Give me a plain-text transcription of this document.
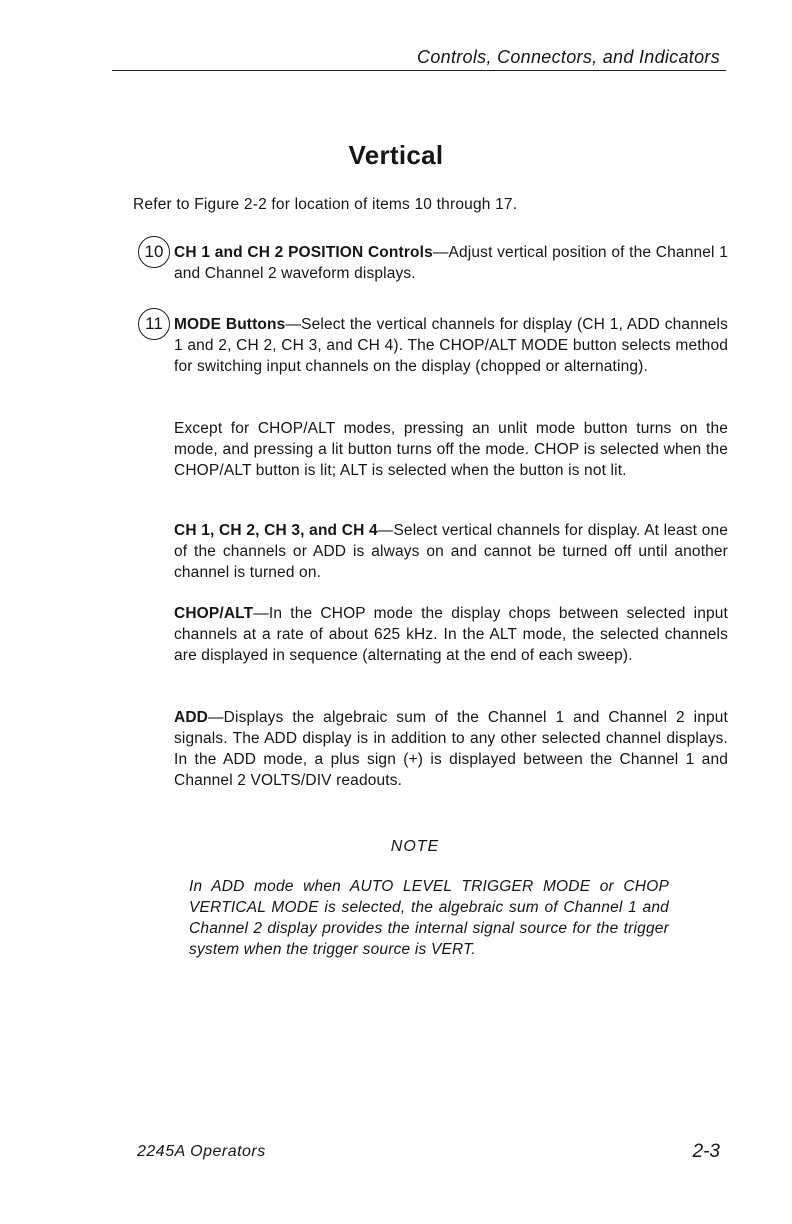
Controls, Connectors, and Indicators
Vertical
Refer to Figure 2-2 for location of items 10 through 17.
10 CH 1 and CH 2 POSITION Controls—Adjust vertical position of the Channel 1 and Channel 2 waveform displays.
11 MODE Buttons—Select the vertical channels for display (CH 1, ADD channels 1 and 2, CH 2, CH 3, and CH 4). The CHOP/ALT MODE button selects method for switching input channels on the display (chopped or alternating).
Except for CHOP/ALT modes, pressing an unlit mode button turns on the mode, and pressing a lit button turns off the mode. CHOP is selected when the CHOP/ALT button is lit; ALT is selected when the button is not lit.
CH 1, CH 2, CH 3, and CH 4—Select vertical channels for display. At least one of the channels or ADD is always on and cannot be turned off until another channel is turned on.
CHOP/ALT—In the CHOP mode the display chops between selected input channels at a rate of about 625 kHz. In the ALT mode, the selected channels are displayed in sequence (alternating at the end of each sweep).
ADD—Displays the algebraic sum of the Channel 1 and Channel 2 input signals. The ADD display is in addition to any other selected channel displays. In the ADD mode, a plus sign (+) is displayed between the Channel 1 and Channel 2 VOLTS/DIV readouts.
NOTE
In ADD mode when AUTO LEVEL TRIGGER MODE or CHOP VERTICAL MODE is selected, the algebraic sum of Channel 1 and Channel 2 display provides the internal signal source for the trigger system when the trigger source is VERT.
2245A Operators	2-3
